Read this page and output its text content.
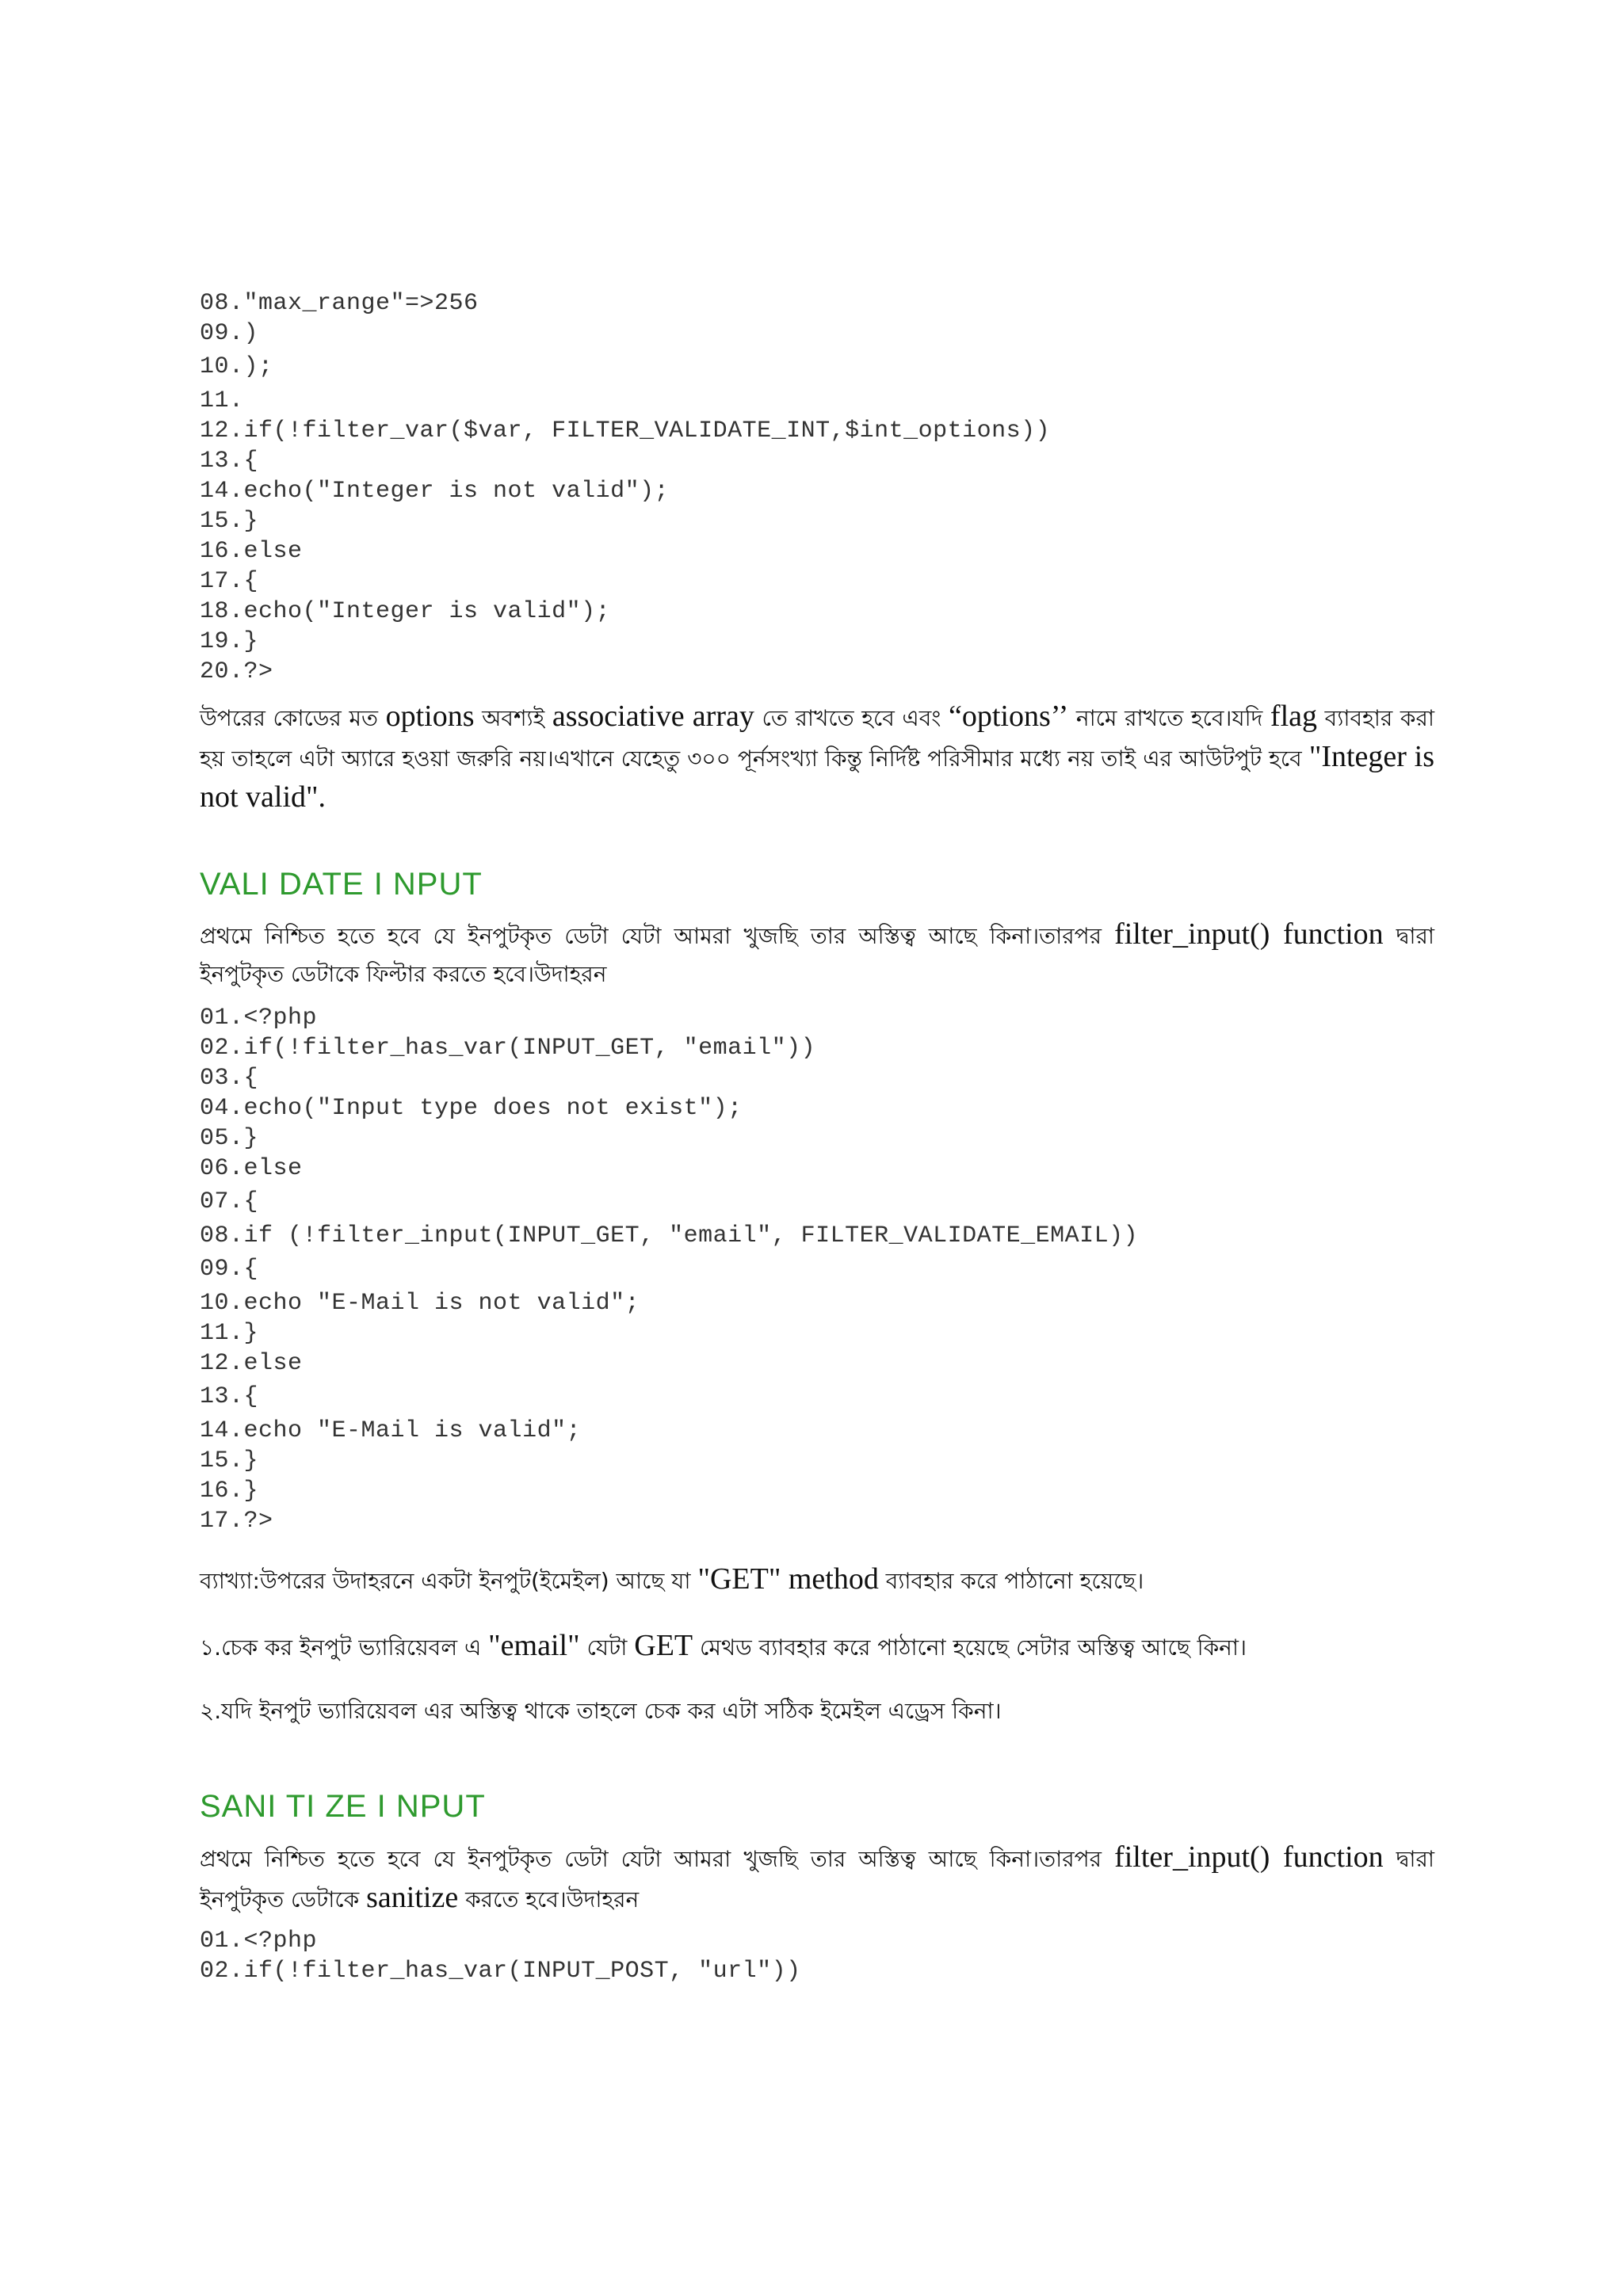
08."max_range"=>256
09.)
10.);
11.
12.if(!filter_var($var, FILTER_VALIDATE_INT,$int_options))
13.{
14.echo("Integer is not valid");
15.}
16.else
17.{
18.echo("Integer is valid");
19.}
20.?>

উপরের কোডের মত options অবশ্যই associative array তে রাখতে হবে এবং “options’’ নামে রাখতে হবে।যদি flag ব্যাবহার করা হয় তাহলে এটা অ্যারে হওয়া জরুরি নয়।এখানে যেহেতু ৩০০ পূর্নসংখ্যা কিন্তু নির্দিষ্ট পরিসীমার মধ্যে নয় তাই এর আউটপুট হবে "Integer is not valid".

VALI DATE I NPUT

প্রথমে নিশ্চিত হতে হবে যে ইনপুটকৃত ডেটা যেটা আমরা খুজছি তার অস্তিত্ব আছে কিনা।তারপর filter_input() function দ্বারা ইনপুটকৃত ডেটাকে ফিল্টার করতে হবে।উদাহরন

01.<?php
02.if(!filter_has_var(INPUT_GET, "email"))
03.{
04.echo("Input type does not exist");
05.}
06.else
07.{
08.if (!filter_input(INPUT_GET, "email", FILTER_VALIDATE_EMAIL))
09.{
10.echo "E-Mail is not valid";
11.}
12.else
13.{
14.echo "E-Mail is valid";
15.}
16.}
17.?>

ব্যাখ্যা:উপরের উদাহরনে একটা ইনপুট(ইমেইল) আছে যা "GET" method ব্যাবহার করে পাঠানো হয়েছে।

১.চেক কর ইনপুট ভ্যারিয়েবল এ "email" যেটা GET মেথড ব্যাবহার করে পাঠানো হয়েছে সেটার অস্তিত্ব আছে কিনা।

২.যদি ইনপুট ভ্যারিয়েবল এর অস্তিত্ব থাকে তাহলে চেক কর এটা সঠিক ইমেইল এড্রেস কিনা।

SANI TI ZE I NPUT

প্রথমে নিশ্চিত হতে হবে যে ইনপুটকৃত ডেটা যেটা আমরা খুজছি তার অস্তিত্ব আছে কিনা।তারপর filter_input() function দ্বারা ইনপুটকৃত ডেটাকে sanitize করতে হবে।উদাহরন

01.<?php
02.if(!filter_has_var(INPUT_POST, "url"))
